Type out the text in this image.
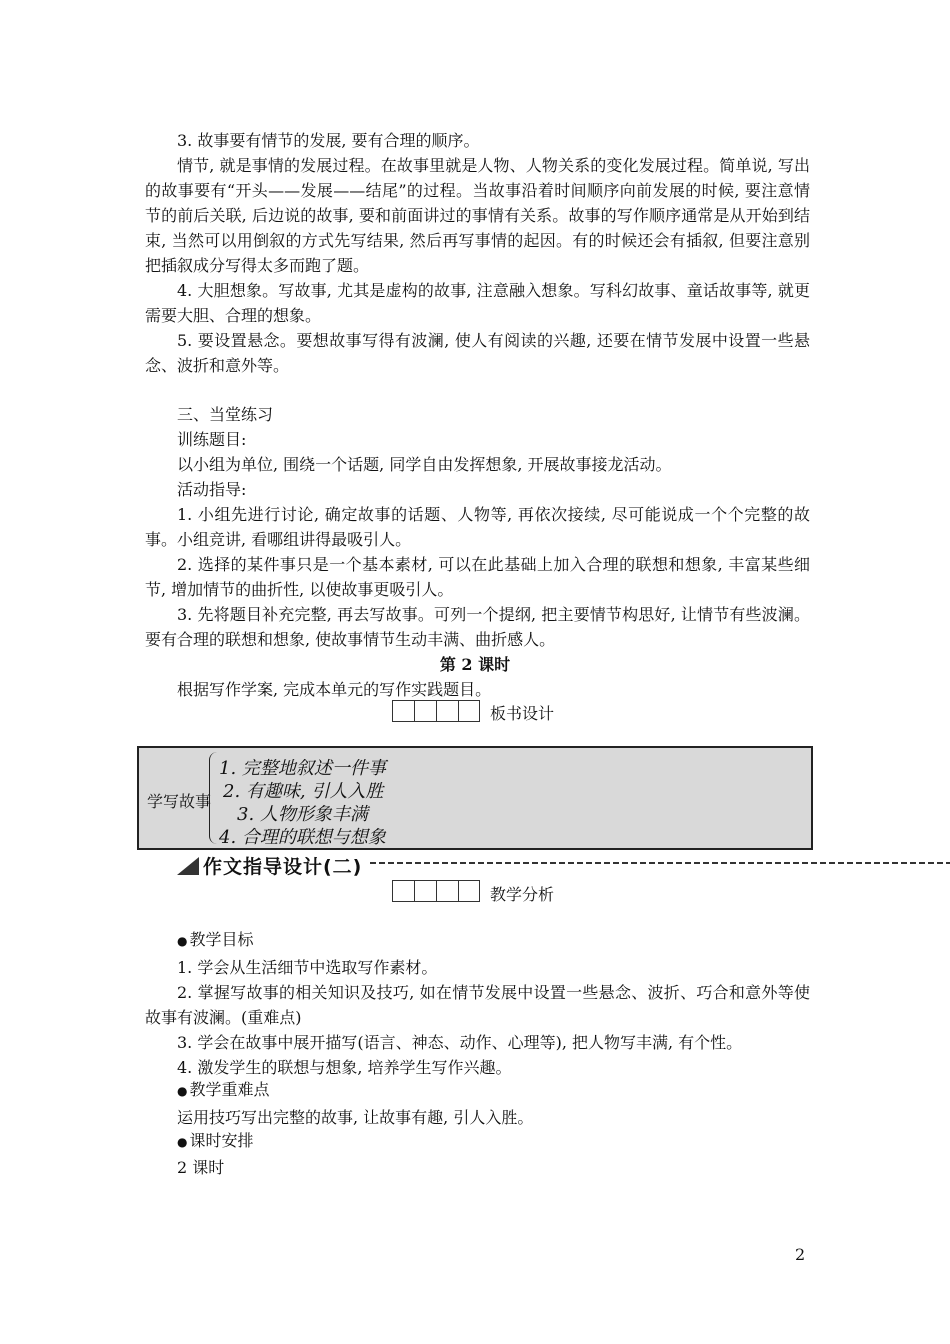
3. 故事要有情节的发展, 要有合理的顺序。
情节, 就是事情的发展过程。在故事里就是人物、人物关系的变化发展过程。简单说, 写出的故事要有“开头——发展——结尾”的过程。当故事沿着时间顺序向前发展的时候, 要注意情节的前后关联, 后边说的故事, 要和前面讲过的事情有关系。故事的写作顺序通常是从开始到结束, 当然可以用倒叙的方式先写结果, 然后再写事情的起因。有的时候还会有插叙, 但要注意别把插叙成分写得太多而跑了题。
4. 大胆想象。写故事, 尤其是虚构的故事, 注意融入想象。写科幻故事、童话故事等, 就更需要大胆、合理的想象。
5. 要设置悬念。要想故事写得有波澜, 使人有阅读的兴趣, 还要在情节发展中设置一些悬念、波折和意外等。
三、当堂练习
训练题目:
以小组为单位, 围绕一个话题, 同学自由发挥想象, 开展故事接龙活动。
活动指导:
1. 小组先进行讨论, 确定故事的话题、人物等, 再依次接续, 尽可能说成一个个完整的故事。小组竞讲, 看哪组讲得最吸引人。
2. 选择的某件事只是一个基本素材, 可以在此基础上加入合理的联想和想象, 丰富某些细节, 增加情节的曲折性, 以使故事更吸引人。
3. 先将题目补充完整, 再去写故事。可列一个提纲, 把主要情节构思好, 让情节有些波澜。要有合理的联想和想象, 使故事情节生动丰满、曲折感人。
第 2 课时
根据写作学案, 完成本单元的写作实践题目。
板书设计
学写故事
1. 完整地叙述一件事
2. 有趣味, 引人入胜
3. 人物形象丰满
4. 合理的联想与想象
作文指导设计(二)
教学分析
● 教学目标
1. 学会从生活细节中选取写作素材。
2. 掌握写故事的相关知识及技巧, 如在情节发展中设置一些悬念、波折、巧合和意外等使故事有波澜。(重难点)
3. 学会在故事中展开描写(语言、神态、动作、心理等), 把人物写丰满, 有个性。
4. 激发学生的联想与想象, 培养学生写作兴趣。
● 教学重难点
运用技巧写出完整的故事, 让故事有趣, 引人入胜。
● 课时安排
2 课时
2
